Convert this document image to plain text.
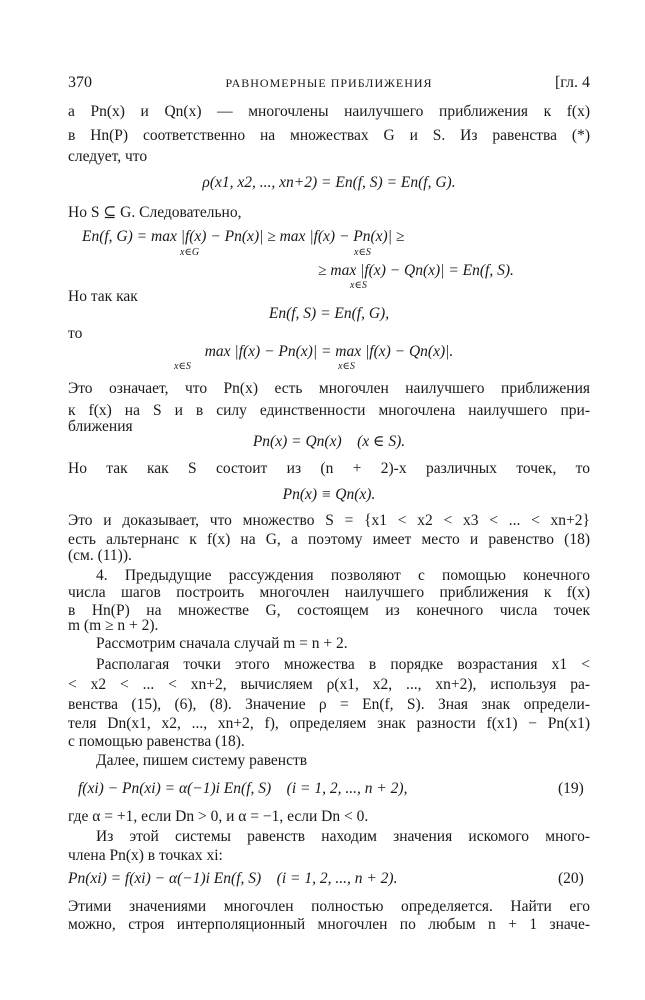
370	РАВНОМЕРНЫЕ ПРИБЛИЖЕНИЯ	[гл. 4
а Pn(x) и Qn(x) — многочлены наилучшего приближения к f(x)
в Hn(P) соответственно на множествах G и S. Из равенства (*)
следует, что
ρ(x1, x2, ..., xn+2) = En(f, S) = En(f, G).
Но S ⊆ G. Следовательно,
En(f, G) = max |f(x) − Pn(x)| ≥ max |f(x) − Pn(x)| ≥
x∈G	x∈S
≥ max |f(x) − Qn(x)| = En(f, S).
x∈S
Но так как
En(f, S) = En(f, G),
то
max |f(x) − Pn(x)| = max |f(x) − Qn(x)|.
x∈S	x∈S
Это означает, что Pn(x) есть многочлен наилучшего приближения
к f(x) на S и в силу единственности многочлена наилучшего при-
ближения
Pn(x) = Qn(x)    (x ∈ S).
Но так как S состоит из (n + 2)-х различных точек, то
Pn(x) ≡ Qn(x).
Это и доказывает, что множество S = {x1 < x2 < x3 < ... < xn+2}
есть альтернанс к f(x) на G, а поэтому имеет место и равенство (18)
(см. (11)).
4. Предыдущие рассуждения позволяют с помощью конечного
числа шагов построить многочлен наилучшего приближения к f(x)
в Hn(P) на множестве G, состоящем из конечного числа точек
m (m ≥ n + 2).
Рассмотрим сначала случай m = n + 2.
Располагая точки этого множества в порядке возрастания x1 <
< x2 < ... < xn+2, вычисляем ρ(x1, x2, ..., xn+2), используя ра-
венства (15), (6), (8). Значение ρ = En(f, S). Зная знак определи-
теля Dn(x1, x2, ..., xn+2, f), определяем знак разности f(x1) − Pn(x1)
с помощью равенства (18).
Далее, пишем систему равенств
f(xi) − Pn(xi) = α(−1)i En(f, S)    (i = 1, 2, ..., n + 2),	(19)
где α = +1, если Dn > 0, и α = −1, если Dn < 0.
Из этой системы равенств находим значения искомого много-
члена Pn(x) в точках xi:
Pn(xi) = f(xi) − α(−1)i En(f, S)    (i = 1, 2, ..., n + 2).	(20)
Этими значениями многочлен полностью определяется. Найти его
можно, строя интерполяционный многочлен по любым n + 1 значе-
